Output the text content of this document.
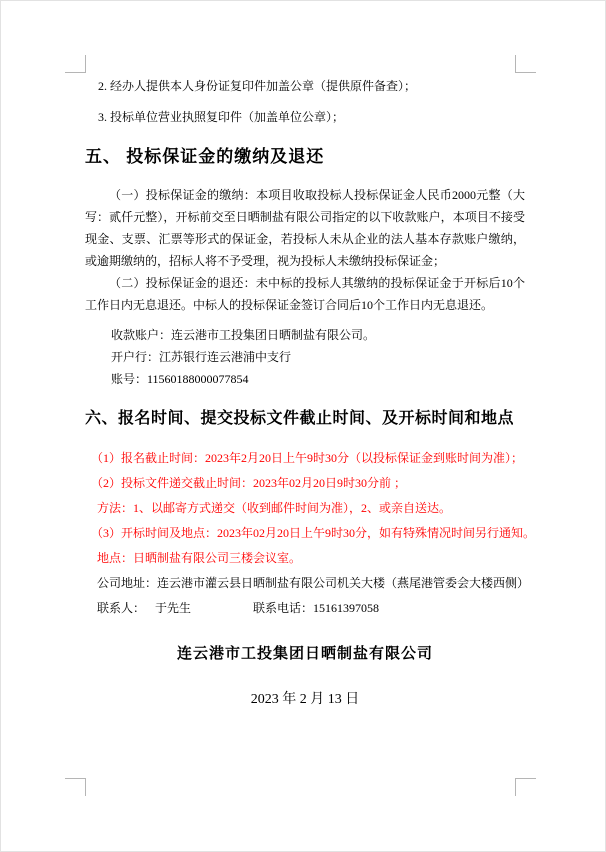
2. 经办人提供本人身份证复印件加盖公章（提供原件备查）；
3. 投标单位营业执照复印件（加盖单位公章）；
五、 投标保证金的缴纳及退还

（一）投标保证金的缴纳：本项目收取投标人投标保证金人民币2000元整（大写：贰仟元整），开标前交至日晒制盐有限公司指定的以下收款账户，本项目不接受现金、支票、汇票等形式的保证金，若投标人未从企业的法人基本存款账户缴纳，或逾期缴纳的，招标人将不予受理，视为投标人未缴纳投标保证金；

（二）投标保证金的退还：未中标的投标人其缴纳的投标保证金于开标后10个工作日内无息退还。中标人的投标保证金签订合同后10个工作日内无息退还。

收款账户：连云港市工投集团日晒制盐有限公司。
开户行：江苏银行连云港浦中支行
账号：11560188000077854
六、报名时间、提交投标文件截止时间、及开标时间和地点
（1）报名截止时间：2023年2月20日上午9时30分（以投标保证金到账时间为准）；
（2）投标文件递交截止时间：2023年02月20日9时30分前 ；
方法：1、以邮寄方式递交（收到邮件时间为准），2、或亲自送达。
（3）开标时间及地点：2023年02月20日上午9时30分，如有特殊情况时间另行通知。
地点：日晒制盐有限公司三楼会议室。
公司地址：连云港市灌云县日晒制盐有限公司机关大楼（燕尾港管委会大楼西侧）
联系人： 于先生	联系电话：15161397058
连云港市工投集团日晒制盐有限公司
2023 年 2 月 13 日
